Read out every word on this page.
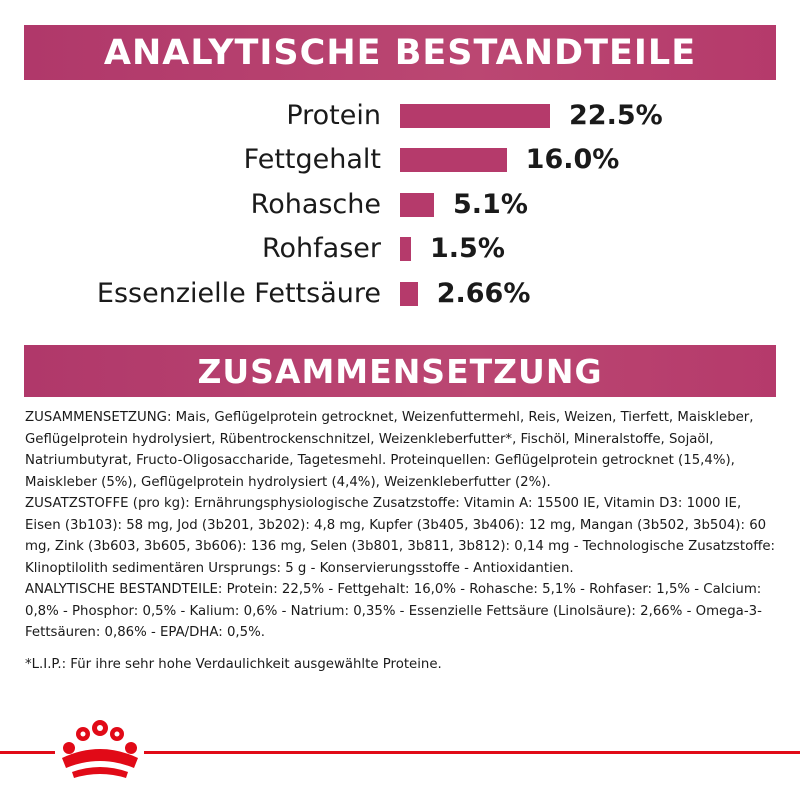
ANALYTISCHE BESTANDTEILE
Protein	22.5%
Fettgehalt	16.0%
Rohasche	5.1%
Rohfaser 1.5%
Essenzielle Fettsäure 2.66%
ZUSAMMENSETZUNG

ZUSAMMENSETZUNG: Mais, Geflügelprotein getrocknet, Weizenfuttermehl, Reis, Weizen, Tierfett, Maiskleber, Geflügelprotein hydrolysiert, Rübentrockenschnitzel, Weizenkleberfutter*, Fischöl, Mineralstoffe, Sojaöl, Natriumbutyrat, Fructo-Oligosaccharide, Tagetesmehl. Proteinquellen: Geflügelprotein getrocknet (15,4%), Maiskleber (5%), Geflügelprotein hydrolysiert (4,4%), Weizenkleberfutter (2%).

ZUSATZSTOFFE (pro kg): Ernährungsphysiologische Zusatzstoffe: Vitamin A: 15500 IE, Vitamin D3: 1000 IE, Eisen (3b103): 58 mg, Jod (3b201, 3b202): 4,8 mg, Kupfer (3b405, 3b406): 12 mg, Mangan (3b502, 3b504): 60 mg, Zink (3b603, 3b605, 3b606): 136 mg, Selen (3b801, 3b811, 3b812): 0,14 mg - Technologische Zusatzstoffe: Klinoptilolith sedimentären Ursprungs: 5 g - Konservierungsstoffe - Antioxidantien.

ANALYTISCHE BESTANDTEILE: Protein: 22,5% - Fettgehalt: 16,0% - Rohasche: 5,1% - Rohfaser: 1,5% - Calcium: 0,8% - Phosphor: 0,5% - Kalium: 0,6% - Natrium: 0,35% - Essenzielle Fettsäure (Linolsäure): 2,66% - Omega-3-Fettsäuren: 0,86% - EPA/DHA: 0,5%.

*L.I.P.: Für ihre sehr hohe Verdaulichkeit ausgewählte Proteine.
